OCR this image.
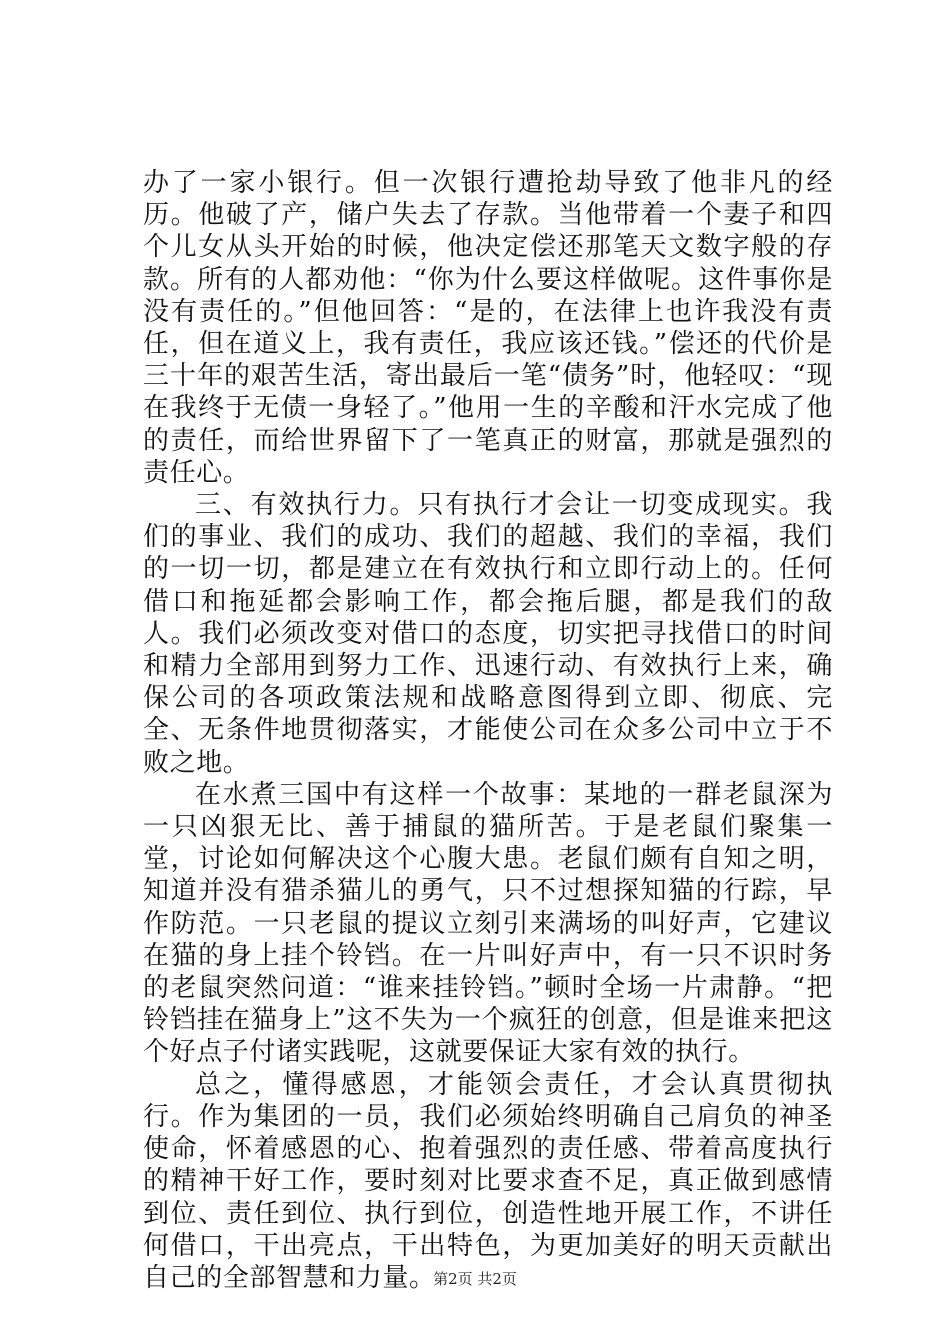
办了一家小银行。但一次银行遭抢劫导致了他非凡的经历。他破了产，储户失去了存款。当他带着一个妻子和四个儿女从头开始的时候，他决定偿还那笔天文数字般的存款。所有的人都劝他：“你为什么要这样做呢。这件事你是没有责任的。”但他回答：“是的，在法律上也许我没有责任，但在道义上，我有责任，我应该还钱。”偿还的代价是三十年的艰苦生活，寄出最后一笔“债务”时，他轻叹：“现在我终于无债一身轻了。”他用一生的辛酸和汗水完成了他的责任，而给世界留下了一笔真正的财富，那就是强烈的责任心。

三、有效执行力。只有执行才会让一切变成现实。我们的事业、我们的成功、我们的超越、我们的幸福，我们的一切一切，都是建立在有效执行和立即行动上的。任何借口和拖延都会影响工作，都会拖后腿，都是我们的敌人。我们必须改变对借口的态度，切实把寻找借口的时间和精力全部用到努力工作、迅速行动、有效执行上来，确保公司的各项政策法规和战略意图得到立即、彻底、完全、无条件地贯彻落实，才能使公司在众多公司中立于不败之地。

在水煮三国中有这样一个故事：某地的一群老鼠深为一只凶狠无比、善于捕鼠的猫所苦。于是老鼠们聚集一堂，讨论如何解决这个心腹大患。老鼠们颇有自知之明，知道并没有猎杀猫儿的勇气，只不过想探知猫的行踪，早作防范。一只老鼠的提议立刻引来满场的叫好声，它建议在猫的身上挂个铃铛。在一片叫好声中，有一只不识时务的老鼠突然问道：“谁来挂铃铛。”顿时全场一片肃静。“把铃铛挂在猫身上”这不失为一个疯狂的创意，但是谁来把这个好点子付诸实践呢，这就要保证大家有效的执行。

总之，懂得感恩，才能领会责任，才会认真贯彻执行。作为集团的一员，我们必须始终明确自己肩负的神圣使命，怀着感恩的心、抱着强烈的责任感、带着高度执行的精神干好工作，要时刻对比要求查不足，真正做到感情到位、责任到位、执行到位，创造性地开展工作，不讲任何借口，干出亮点，干出特色，为更加美好的明天贡献出自己的全部智慧和力量。

第2页 共2页
